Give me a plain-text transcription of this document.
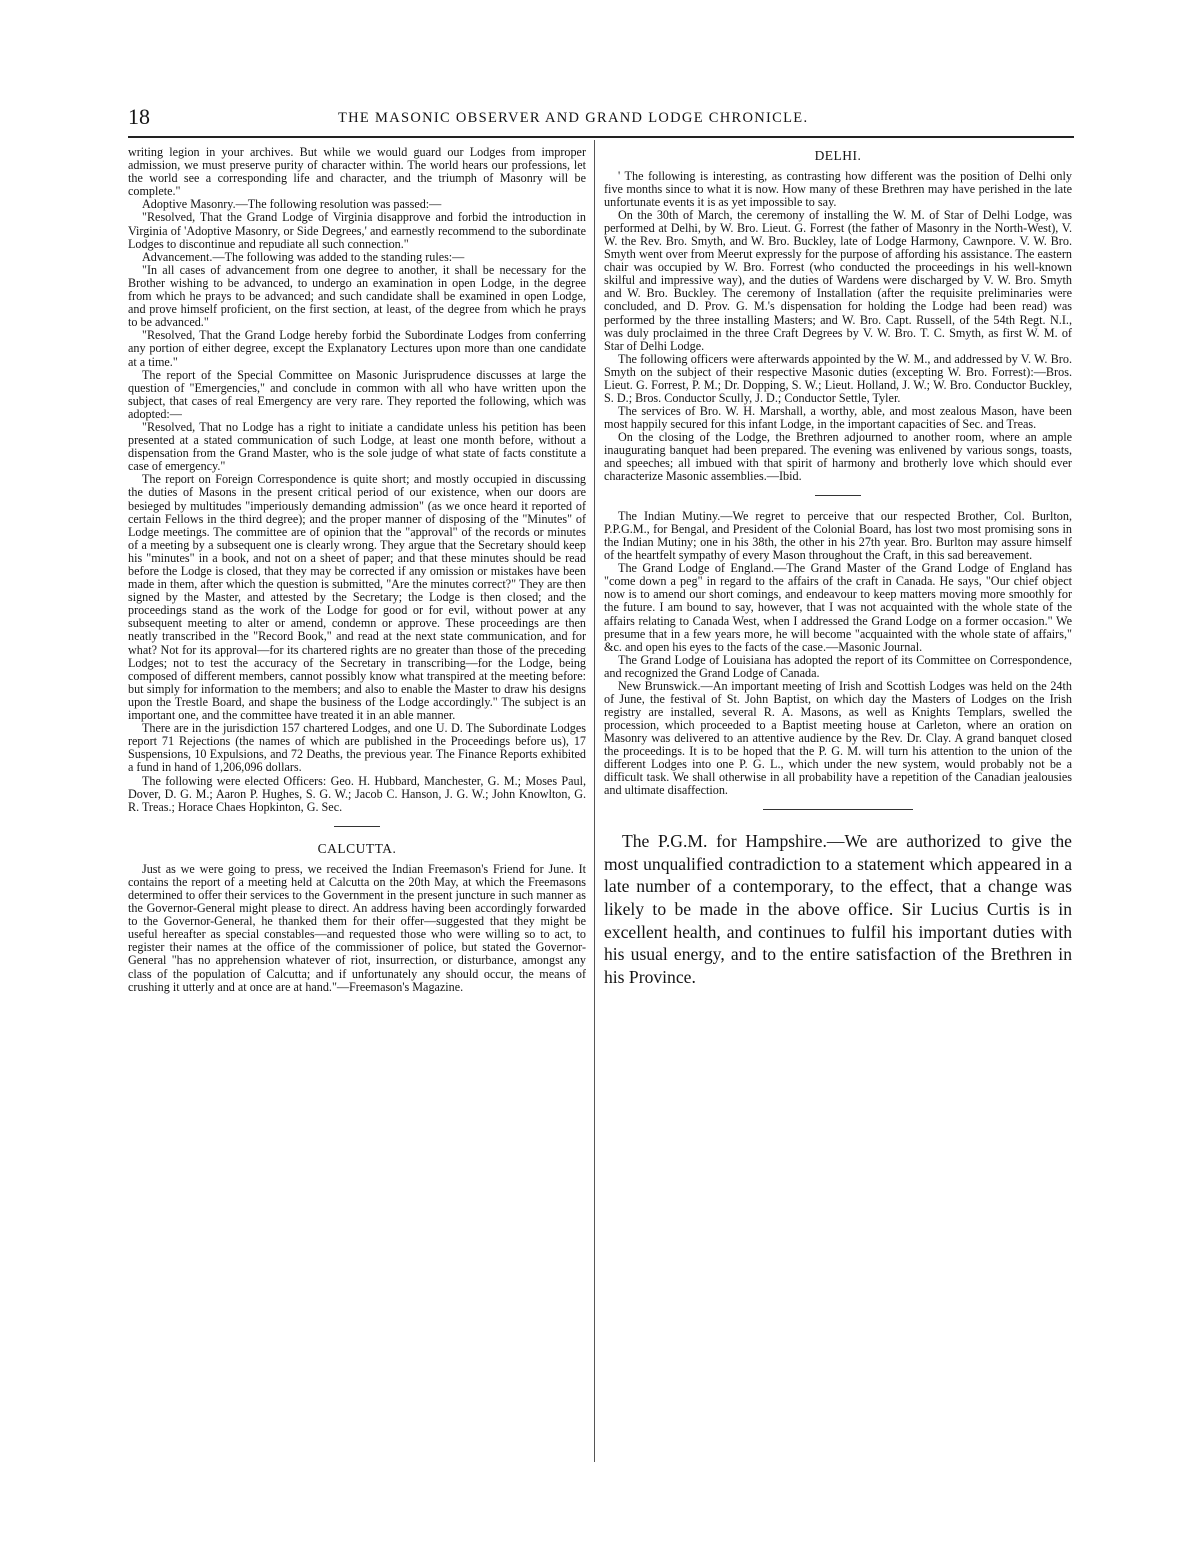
18	THE MASONIC OBSERVER AND GRAND LODGE CHRONICLE.

writing legion in your archives. But while we would guard our Lodges from improper admission, we must preserve purity of character within. The world hears our professions, let the world see a corresponding life and character, and the triumph of Masonry will be complete."

Adoptive Masonry.—The following resolution was passed:—

"Resolved, That the Grand Lodge of Virginia disapprove and forbid the introduction in Virginia of 'Adoptive Masonry, or Side Degrees,' and earnestly recommend to the subordinate Lodges to discontinue and repudiate all such connection."

Advancement.—The following was added to the standing rules:—

"In all cases of advancement from one degree to another, it shall be necessary for the Brother wishing to be advanced, to undergo an examination in open Lodge, in the degree from which he prays to be advanced; and such candidate shall be examined in open Lodge, and prove himself proficient, on the first section, at least, of the degree from which he prays to be advanced."

"Resolved, That the Grand Lodge hereby forbid the Subordinate Lodges from conferring any portion of either degree, except the Explanatory Lectures upon more than one candidate at a time."

The report of the Special Committee on Masonic Jurisprudence discusses at large the question of "Emergencies," and conclude in common with all who have written upon the subject, that cases of real Emergency are very rare. They reported the following, which was adopted:—

"Resolved, That no Lodge has a right to initiate a candidate unless his petition has been presented at a stated communication of such Lodge, at least one month before, without a dispensation from the Grand Master, who is the sole judge of what state of facts constitute a case of emergency."

The report on Foreign Correspondence is quite short; and mostly occupied in discussing the duties of Masons in the present critical period of our existence, when our doors are besieged by multitudes "imperiously demanding admission" (as we once heard it reported of certain Fellows in the third degree); and the proper manner of disposing of the "Minutes" of Lodge meetings. The committee are of opinion that the "approval" of the records or minutes of a meeting by a subsequent one is clearly wrong. They argue that the Secretary should keep his "minutes" in a book, and not on a sheet of paper; and that these minutes should be read before the Lodge is closed, that they may be corrected if any omission or mistakes have been made in them, after which the question is submitted, "Are the minutes correct?" They are then signed by the Master, and attested by the Secretary; the Lodge is then closed; and the proceedings stand as the work of the Lodge for good or for evil, without power at any subsequent meeting to alter or amend, condemn or approve. These proceedings are then neatly transcribed in the "Record Book," and read at the next state communication, and for what? Not for its approval—for its chartered rights are no greater than those of the preceding Lodges; not to test the accuracy of the Secretary in transcribing—for the Lodge, being composed of different members, cannot possibly know what transpired at the meeting before: but simply for information to the members; and also to enable the Master to draw his designs upon the Trestle Board, and shape the business of the Lodge accordingly." The subject is an important one, and the committee have treated it in an able manner.

There are in the jurisdiction 157 chartered Lodges, and one U. D. The Subordinate Lodges report 71 Rejections (the names of which are published in the Proceedings before us), 17 Suspensions, 10 Expulsions, and 72 Deaths, the previous year. The Finance Reports exhibited a fund in hand of 1,206,096 dollars.

The following were elected Officers: Geo. H. Hubbard, Manchester, G. M.; Moses Paul, Dover, D. G. M.; Aaron P. Hughes, S. G. W.; Jacob C. Hanson, J. G. W.; John Knowlton, G. R. Treas.; Horace Chaes Hopkinton, G. Sec.

CALCUTTA.

Just as we were going to press, we received the Indian Freemason's Friend for June. It contains the report of a meeting held at Calcutta on the 20th May, at which the Freemasons determined to offer their services to the Government in the present juncture in such manner as the Governor-General might please to direct. An address having been accordingly forwarded to the Governor-General, he thanked them for their offer—suggested that they might be useful hereafter as special constables—and requested those who were willing so to act, to register their names at the office of the commissioner of police, but stated the Governor-General "has no apprehension whatever of riot, insurrection, or disturbance, amongst any class of the population of Calcutta; and if unfortunately any should occur, the means of crushing it utterly and at once are at hand."—Freemason's Magazine.

DELHI.

' The following is interesting, as contrasting how different was the position of Delhi only five months since to what it is now. How many of these Brethren may have perished in the late unfortunate events it is as yet impossible to say.

On the 30th of March, the ceremony of installing the W. M. of Star of Delhi Lodge, was performed at Delhi, by W. Bro. Lieut. G. Forrest (the father of Masonry in the North-West), V. W. the Rev. Bro. Smyth, and W. Bro. Buckley, late of Lodge Harmony, Cawnpore. V. W. Bro. Smyth went over from Meerut expressly for the purpose of affording his assistance. The eastern chair was occupied by W. Bro. Forrest (who conducted the proceedings in his well-known skilful and impressive way), and the duties of Wardens were discharged by V. W. Bro. Smyth and W. Bro. Buckley. The ceremony of Installation (after the requisite preliminaries were concluded, and D. Prov. G. M.'s dispensation for holding the Lodge had been read) was performed by the three installing Masters; and W. Bro. Capt. Russell, of the 54th Regt. N.I., was duly proclaimed in the three Craft Degrees by V. W. Bro. T. C. Smyth, as first W. M. of Star of Delhi Lodge.

The following officers were afterwards appointed by the W. M., and addressed by V. W. Bro. Smyth on the subject of their respective Masonic duties (excepting W. Bro. Forrest):—Bros. Lieut. G. Forrest, P. M.; Dr. Dopping, S. W.; Lieut. Holland, J. W.; W. Bro. Conductor Buckley, S. D.; Bros. Conductor Scully, J. D.; Conductor Settle, Tyler.

The services of Bro. W. H. Marshall, a worthy, able, and most zealous Mason, have been most happily secured for this infant Lodge, in the important capacities of Sec. and Treas.

On the closing of the Lodge, the Brethren adjourned to another room, where an ample inaugurating banquet had been prepared. The evening was enlivened by various songs, toasts, and speeches; all imbued with that spirit of harmony and brotherly love which should ever characterize Masonic assemblies.—Ibid.

The Indian Mutiny.—We regret to perceive that our respected Brother, Col. Burlton, P.P.G.M., for Bengal, and President of the Colonial Board, has lost two most promising sons in the Indian Mutiny; one in his 38th, the other in his 27th year. Bro. Burlton may assure himself of the heartfelt sympathy of every Mason throughout the Craft, in this sad bereavement.

The Grand Lodge of England.—The Grand Master of the Grand Lodge of England has "come down a peg" in regard to the affairs of the craft in Canada. He says, "Our chief object now is to amend our short comings, and endeavour to keep matters moving more smoothly for the future. I am bound to say, however, that I was not acquainted with the whole state of the affairs relating to Canada West, when I addressed the Grand Lodge on a former occasion." We presume that in a few years more, he will become "acquainted with the whole state of affairs," &c. and open his eyes to the facts of the case.—Masonic Journal.

The Grand Lodge of Louisiana has adopted the report of its Committee on Correspondence, and recognized the Grand Lodge of Canada.

New Brunswick.—An important meeting of Irish and Scottish Lodges was held on the 24th of June, the festival of St. John Baptist, on which day the Masters of Lodges on the Irish registry are installed, several R. A. Masons, as well as Knights Templars, swelled the procession, which proceeded to a Baptist meeting house at Carleton, where an oration on Masonry was delivered to an attentive audience by the Rev. Dr. Clay. A grand banquet closed the proceedings. It is to be hoped that the P. G. M. will turn his attention to the union of the different Lodges into one P. G. L., which under the new system, would probably not be a difficult task. We shall otherwise in all probability have a repetition of the Canadian jealousies and ultimate disaffection.

The P.G.M. for Hampshire.—We are authorized to give the most unqualified contradiction to a statement which appeared in a late number of a contemporary, to the effect, that a change was likely to be made in the above office. Sir Lucius Curtis is in excellent health, and continues to fulfil his important duties with his usual energy, and to the entire satisfaction of the Brethren in his Province.
